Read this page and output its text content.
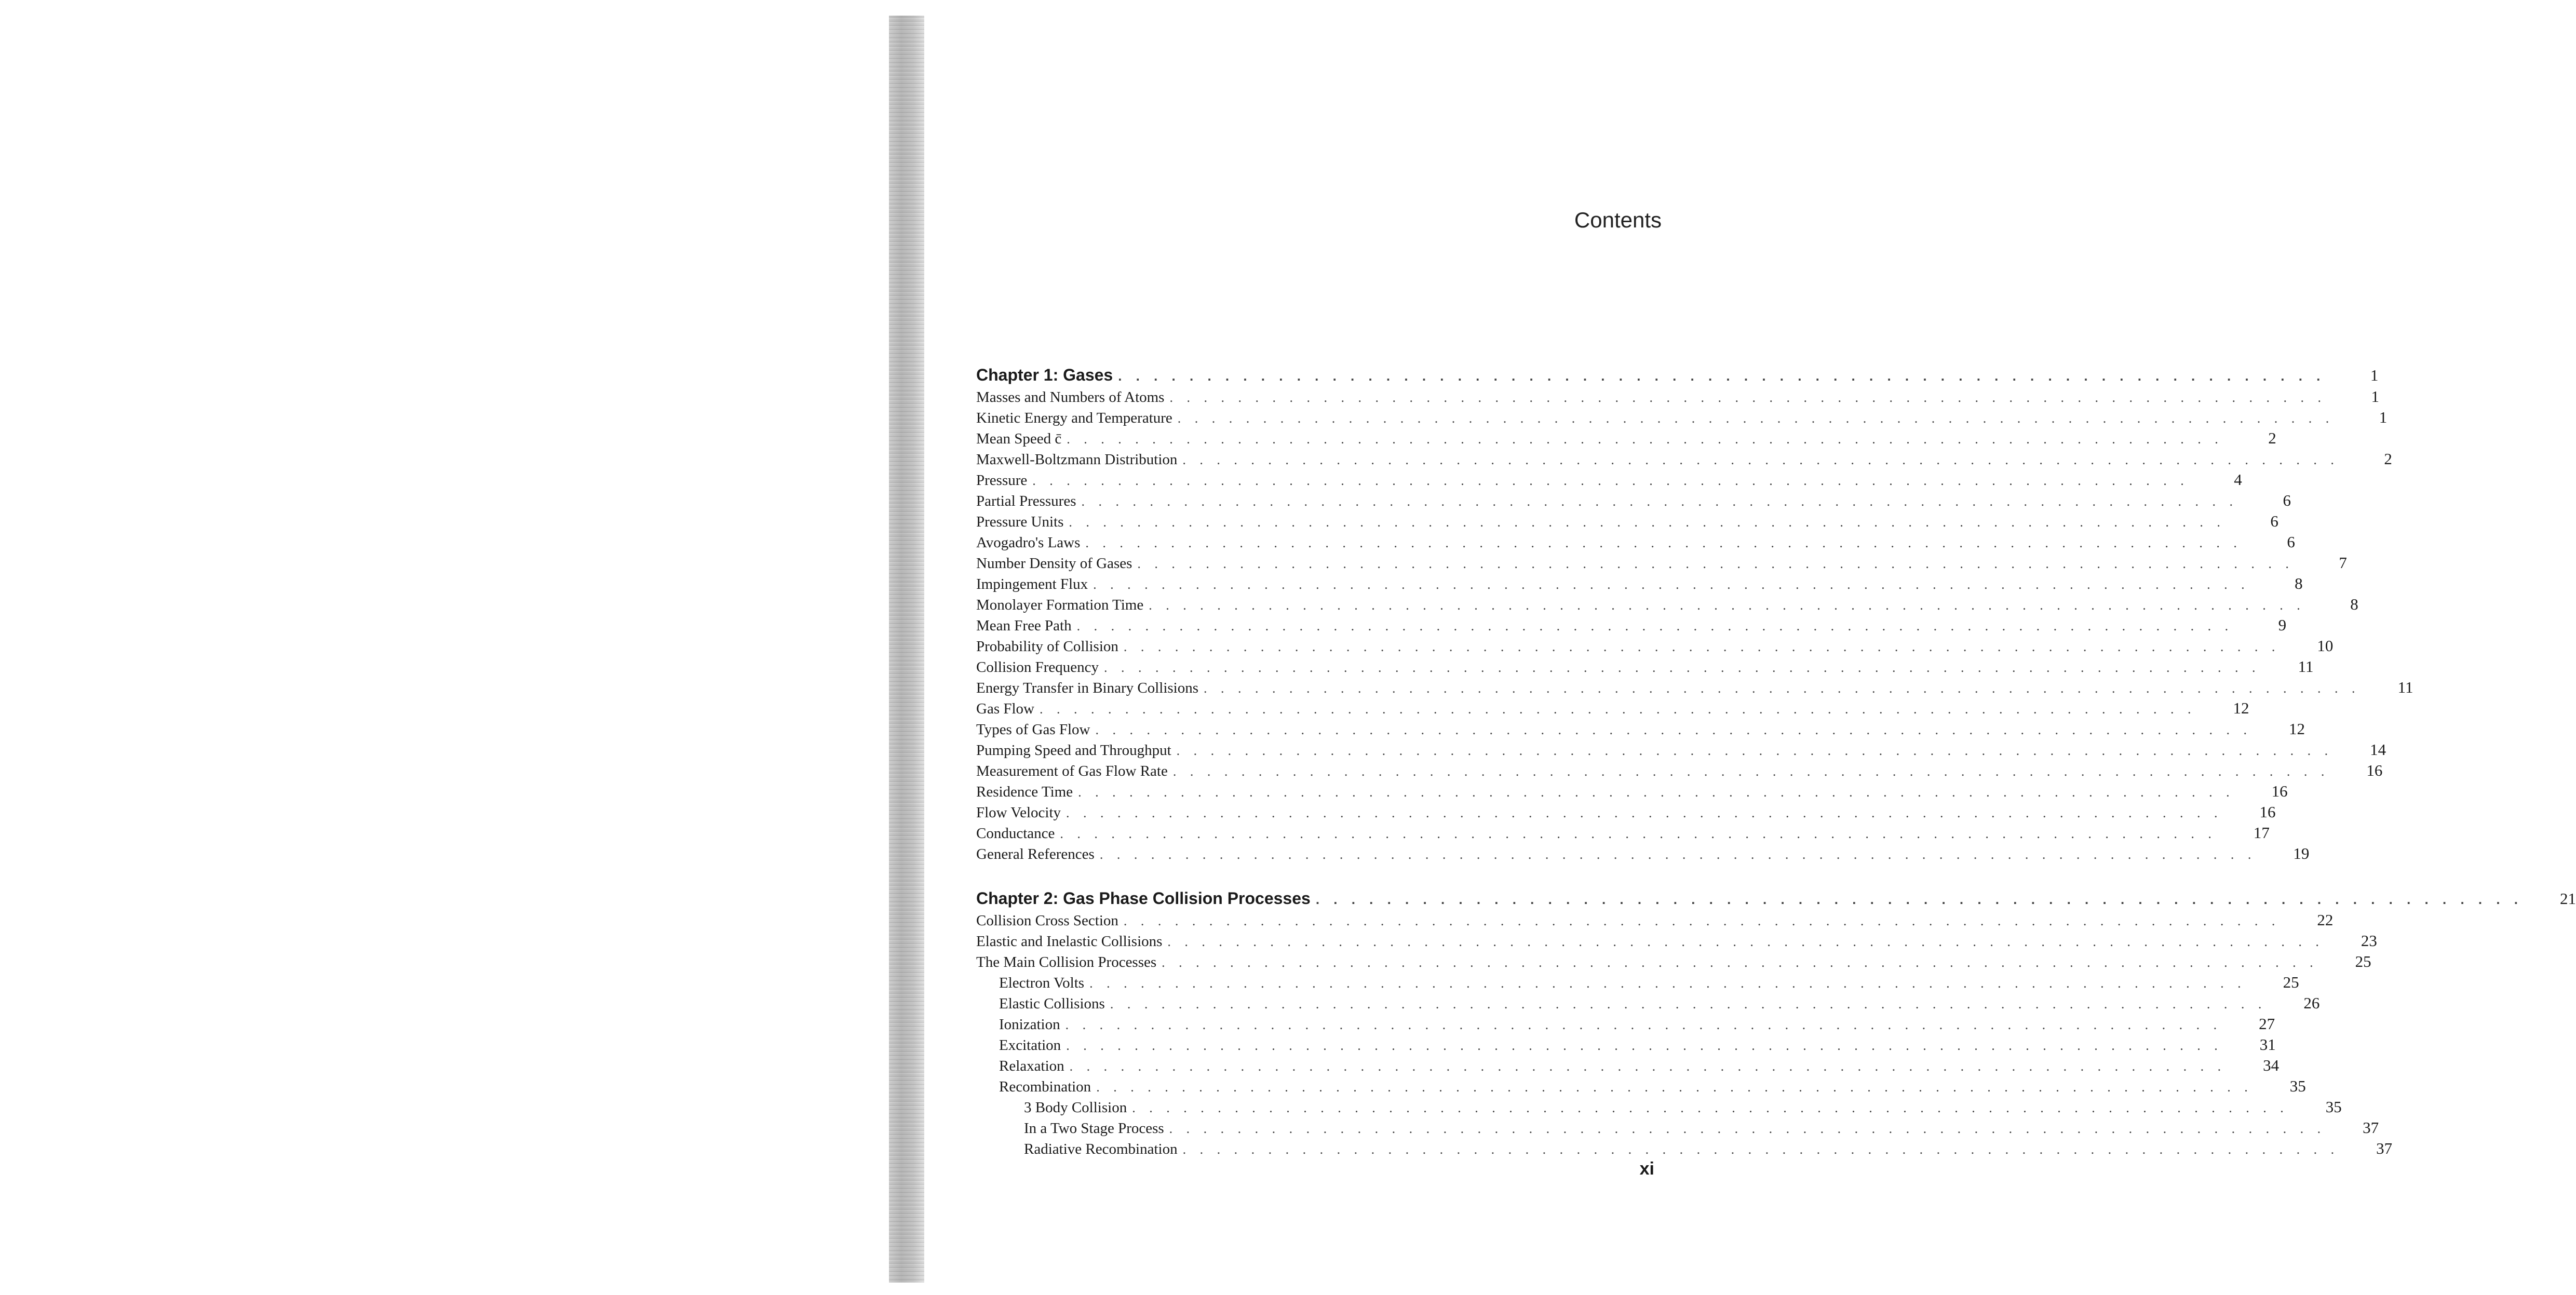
Contents
Chapter 1: Gases . . . . . . . . . . . . . . . . . . . . . . . . . . . . . . . . . . . . . . . . . . . . . . . . . . . . . . . . . . . . . . . . . . . .	1
Masses and Numbers of Atoms . . . . . . . . . . . . . . . . . . . . . . . . . . . . . . . . . . . . . . . . . . . . . . . . . . . . . . . . . . . . . . . . . . . .	1
Kinetic Energy and Temperature . . . . . . . . . . . . . . . . . . . . . . . . . . . . . . . . . . . . . . . . . . . . . . . . . . . . . . . . . . . . . . . . . . . .	1
Mean Speed c̄ . . . . . . . . . . . . . . . . . . . . . . . . . . . . . . . . . . . . . . . . . . . . . . . . . . . . . . . . . . . . . . . . . . . .	2
Maxwell-Boltzmann Distribution . . . . . . . . . . . . . . . . . . . . . . . . . . . . . . . . . . . . . . . . . . . . . . . . . . . . . . . . . . . . . . . . . . . .	2
Pressure . . . . . . . . . . . . . . . . . . . . . . . . . . . . . . . . . . . . . . . . . . . . . . . . . . . . . . . . . . . . . . . . . . . .	4
Partial Pressures . . . . . . . . . . . . . . . . . . . . . . . . . . . . . . . . . . . . . . . . . . . . . . . . . . . . . . . . . . . . . . . . . . . .	6
Pressure Units . . . . . . . . . . . . . . . . . . . . . . . . . . . . . . . . . . . . . . . . . . . . . . . . . . . . . . . . . . . . . . . . . . . .	6
Avogadro's Laws . . . . . . . . . . . . . . . . . . . . . . . . . . . . . . . . . . . . . . . . . . . . . . . . . . . . . . . . . . . . . . . . . . . .	6
Number Density of Gases . . . . . . . . . . . . . . . . . . . . . . . . . . . . . . . . . . . . . . . . . . . . . . . . . . . . . . . . . . . . . . . . . . . .	7
Impingement Flux . . . . . . . . . . . . . . . . . . . . . . . . . . . . . . . . . . . . . . . . . . . . . . . . . . . . . . . . . . . . . . . . . . . .	8
Monolayer Formation Time . . . . . . . . . . . . . . . . . . . . . . . . . . . . . . . . . . . . . . . . . . . . . . . . . . . . . . . . . . . . . . . . . . . .	8
Mean Free Path . . . . . . . . . . . . . . . . . . . . . . . . . . . . . . . . . . . . . . . . . . . . . . . . . . . . . . . . . . . . . . . . . . . .	9
Probability of Collision . . . . . . . . . . . . . . . . . . . . . . . . . . . . . . . . . . . . . . . . . . . . . . . . . . . . . . . . . . . . . . . . . . . .	10
Collision Frequency . . . . . . . . . . . . . . . . . . . . . . . . . . . . . . . . . . . . . . . . . . . . . . . . . . . . . . . . . . . . . . . . . . . .	11
Energy Transfer in Binary Collisions . . . . . . . . . . . . . . . . . . . . . . . . . . . . . . . . . . . . . . . . . . . . . . . . . . . . . . . . . . . . . . . . . . . .	11
Gas Flow . . . . . . . . . . . . . . . . . . . . . . . . . . . . . . . . . . . . . . . . . . . . . . . . . . . . . . . . . . . . . . . . . . . .	12
Types of Gas Flow . . . . . . . . . . . . . . . . . . . . . . . . . . . . . . . . . . . . . . . . . . . . . . . . . . . . . . . . . . . . . . . . . . . .	12
Pumping Speed and Throughput . . . . . . . . . . . . . . . . . . . . . . . . . . . . . . . . . . . . . . . . . . . . . . . . . . . . . . . . . . . . . . . . . . . .	14
Measurement of Gas Flow Rate . . . . . . . . . . . . . . . . . . . . . . . . . . . . . . . . . . . . . . . . . . . . . . . . . . . . . . . . . . . . . . . . . . . .	16
Residence Time . . . . . . . . . . . . . . . . . . . . . . . . . . . . . . . . . . . . . . . . . . . . . . . . . . . . . . . . . . . . . . . . . . . .	16
Flow Velocity . . . . . . . . . . . . . . . . . . . . . . . . . . . . . . . . . . . . . . . . . . . . . . . . . . . . . . . . . . . . . . . . . . . .	16
Conductance . . . . . . . . . . . . . . . . . . . . . . . . . . . . . . . . . . . . . . . . . . . . . . . . . . . . . . . . . . . . . . . . . . . .	17
General References . . . . . . . . . . . . . . . . . . . . . . . . . . . . . . . . . . . . . . . . . . . . . . . . . . . . . . . . . . . . . . . . . . . .	19
Chapter 2: Gas Phase Collision Processes . . . . . . . . . . . . . . . . . . . . . . . . . . . . . . . . . . . . . . . . . . . . . . . . . . . . . . . . . . . . . . . . . . . .	21
Collision Cross Section . . . . . . . . . . . . . . . . . . . . . . . . . . . . . . . . . . . . . . . . . . . . . . . . . . . . . . . . . . . . . . . . . . . .	22
Elastic and Inelastic Collisions . . . . . . . . . . . . . . . . . . . . . . . . . . . . . . . . . . . . . . . . . . . . . . . . . . . . . . . . . . . . . . . . . . . .	23
The Main Collision Processes . . . . . . . . . . . . . . . . . . . . . . . . . . . . . . . . . . . . . . . . . . . . . . . . . . . . . . . . . . . . . . . . . . . .	25
Electron Volts . . . . . . . . . . . . . . . . . . . . . . . . . . . . . . . . . . . . . . . . . . . . . . . . . . . . . . . . . . . . . . . . . . . .	25
Elastic Collisions . . . . . . . . . . . . . . . . . . . . . . . . . . . . . . . . . . . . . . . . . . . . . . . . . . . . . . . . . . . . . . . . . . . .	26
Ionization . . . . . . . . . . . . . . . . . . . . . . . . . . . . . . . . . . . . . . . . . . . . . . . . . . . . . . . . . . . . . . . . . . . .	27
Excitation . . . . . . . . . . . . . . . . . . . . . . . . . . . . . . . . . . . . . . . . . . . . . . . . . . . . . . . . . . . . . . . . . . . .	31
Relaxation . . . . . . . . . . . . . . . . . . . . . . . . . . . . . . . . . . . . . . . . . . . . . . . . . . . . . . . . . . . . . . . . . . . .	34
Recombination . . . . . . . . . . . . . . . . . . . . . . . . . . . . . . . . . . . . . . . . . . . . . . . . . . . . . . . . . . . . . . . . . . . .	35
3 Body Collision . . . . . . . . . . . . . . . . . . . . . . . . . . . . . . . . . . . . . . . . . . . . . . . . . . . . . . . . . . . . . . . . . . . .	35
In a Two Stage Process . . . . . . . . . . . . . . . . . . . . . . . . . . . . . . . . . . . . . . . . . . . . . . . . . . . . . . . . . . . . . . . . . . . .	37
Radiative Recombination . . . . . . . . . . . . . . . . . . . . . . . . . . . . . . . . . . . . . . . . . . . . . . . . . . . . . . . . . . . . . . . . . . . .	37
xi
